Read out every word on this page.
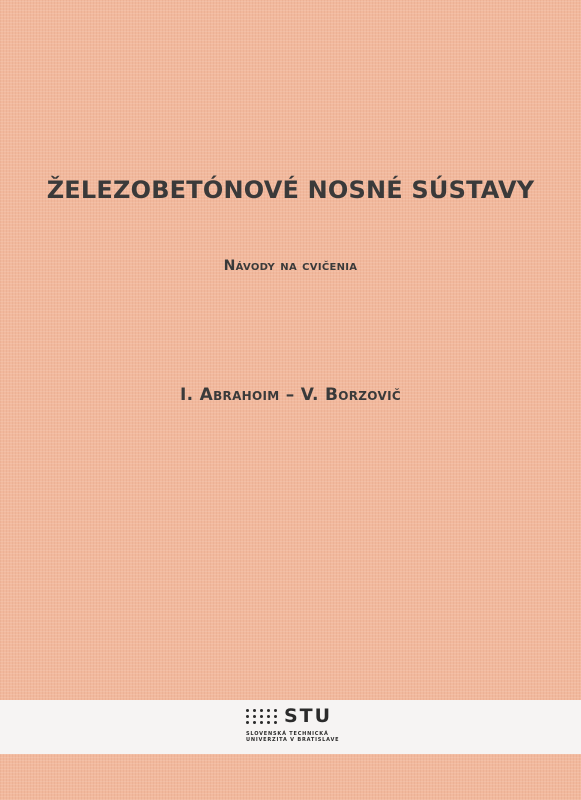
ŽELEZOBETÓNOVÉ NOSNÉ SÚSTAVY
Návody na cvičenia
I. Abrahoim – V. Borzovič
STU
SLOVENSKÁ TECHNICKÁ
UNIVERZITA V BRATISLAVE
